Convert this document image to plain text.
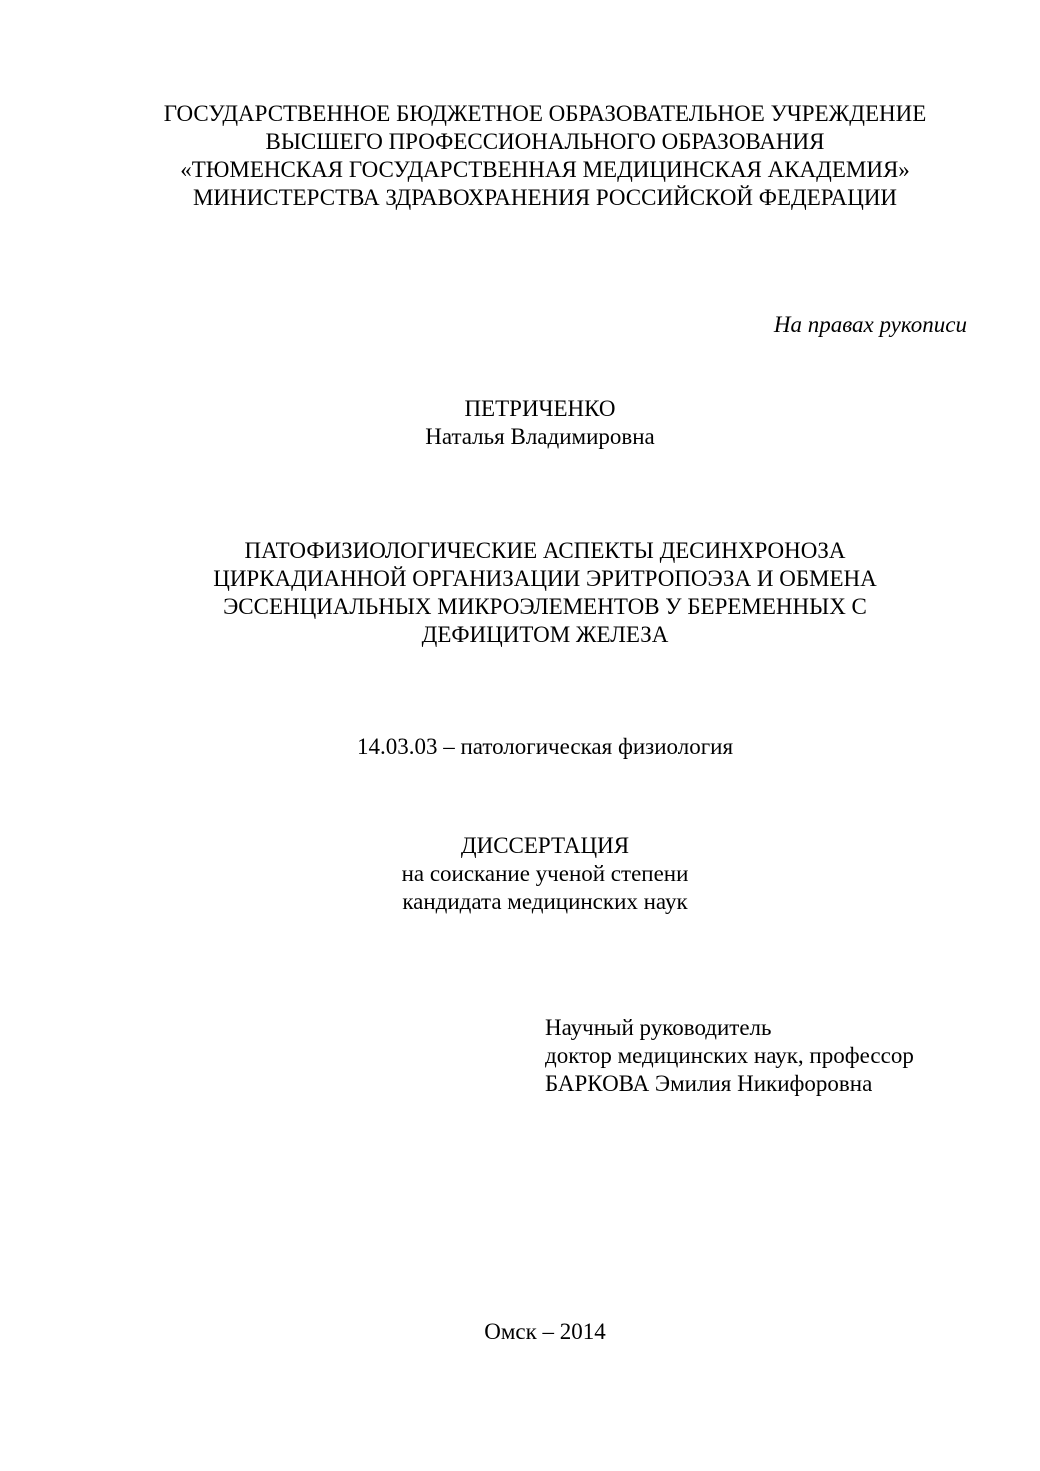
ГОСУДАРСТВЕННОЕ БЮДЖЕТНОЕ ОБРАЗОВАТЕЛЬНОЕ УЧРЕЖДЕНИЕ
ВЫСШЕГО ПРОФЕССИОНАЛЬНОГО ОБРАЗОВАНИЯ
«ТЮМЕНСКАЯ ГОСУДАРСТВЕННАЯ МЕДИЦИНСКАЯ АКАДЕМИЯ»
МИНИСТЕРСТВА ЗДРАВОХРАНЕНИЯ РОССИЙСКОЙ ФЕДЕРАЦИИ
На правах рукописи
ПЕТРИЧЕНКО
Наталья Владимировна
ПАТОФИЗИОЛОГИЧЕСКИЕ АСПЕКТЫ ДЕСИНХРОНОЗА
ЦИРКАДИАННОЙ ОРГАНИЗАЦИИ ЭРИТРОПОЭЗА И ОБМЕНА
ЭССЕНЦИАЛЬНЫХ МИКРОЭЛЕМЕНТОВ У БЕРЕМЕННЫХ С
ДЕФИЦИТОМ ЖЕЛЕЗА
14.03.03 – патологическая физиология
ДИССЕРТАЦИЯ
на соискание ученой степени
кандидата медицинских наук
Научный руководитель
доктор медицинских наук, профессор
БАРКОВА Эмилия Никифоровна
Омск – 2014
